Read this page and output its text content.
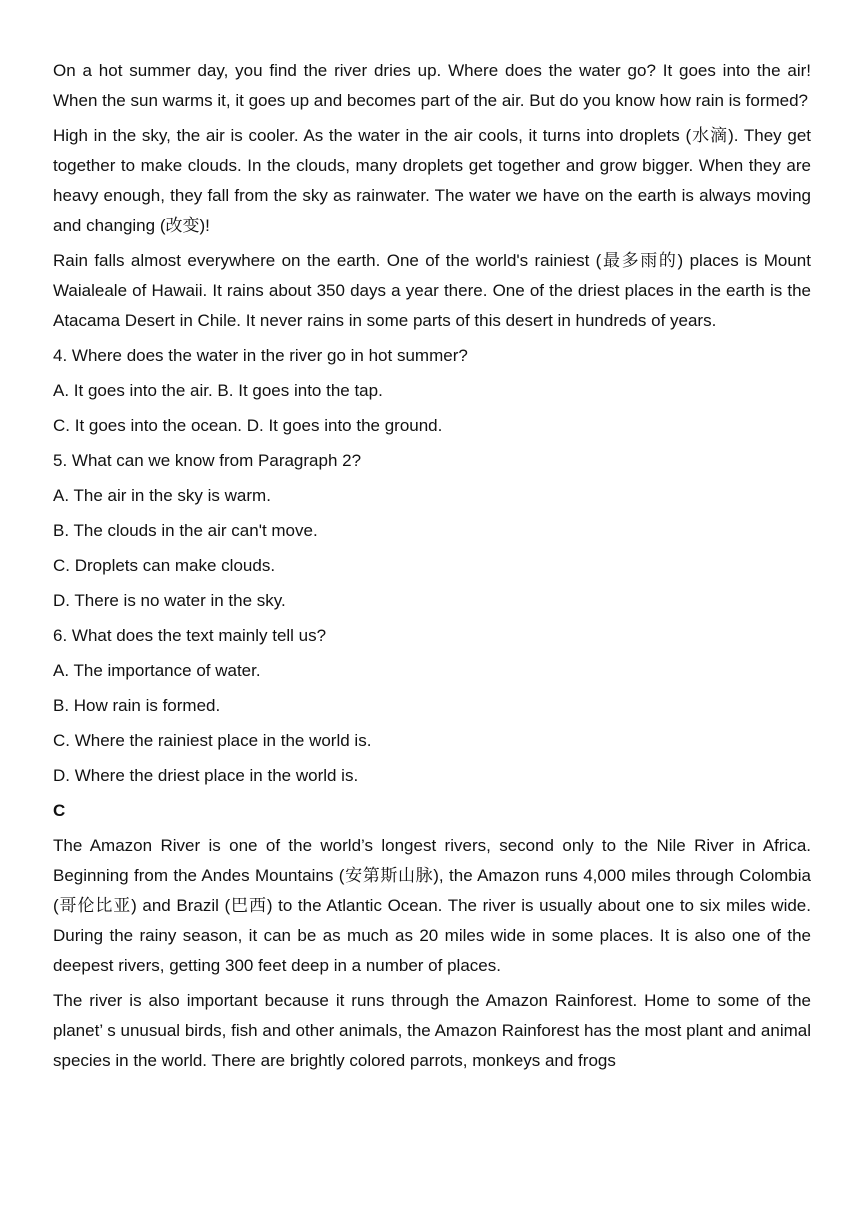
On a hot summer day, you find the river dries up. Where does the water go? It goes into the air! When the sun warms it, it goes up and becomes part of the air. But do you know how rain is formed?

High in the sky, the air is cooler. As the water in the air cools, it turns into droplets (水滴). They get together to make clouds. In the clouds, many droplets get together and grow bigger. When they are heavy enough, they fall from the sky as rainwater. The water we have on the earth is always moving and changing (改变)!

Rain falls almost everywhere on the earth. One of the world's rainiest (最多雨的) places is Mount Waialeale of Hawaii. It rains about 350 days a year there. One of the driest places in the earth is the Atacama Desert in Chile. It never rains in some parts of this desert in hundreds of years.

4. Where does the water in the river go in hot summer?

A. It goes into the air. B. It goes into the tap.

C. It goes into the ocean. D. It goes into the ground.

5. What can we know from Paragraph 2?

A. The air in the sky is warm.

B. The clouds in the air can't move.

C. Droplets can make clouds.

D. There is no water in the sky.

6. What does the text mainly tell us?

A. The importance of water.

B. How rain is formed.

C. Where the rainiest place in the world is.

D. Where the driest place in the world is.

C

The Amazon River is one of the world’s longest rivers, second only to the Nile River in Africa. Beginning from the Andes Mountains (安第斯山脉), the Amazon runs 4,000 miles through Colombia (哥伦比亚) and Brazil (巴西) to the Atlantic Ocean. The river is usually about one to six miles wide. During the rainy season, it can be as much as 20 miles wide in some places. It is also one of the deepest rivers, getting 300 feet deep in a number of places.

The river is also important because it runs through the Amazon Rainforest. Home to some of the planet’ s unusual birds, fish and other animals, the Amazon Rainforest has the most plant and animal species in the world. There are brightly colored parrots, monkeys and frogs
